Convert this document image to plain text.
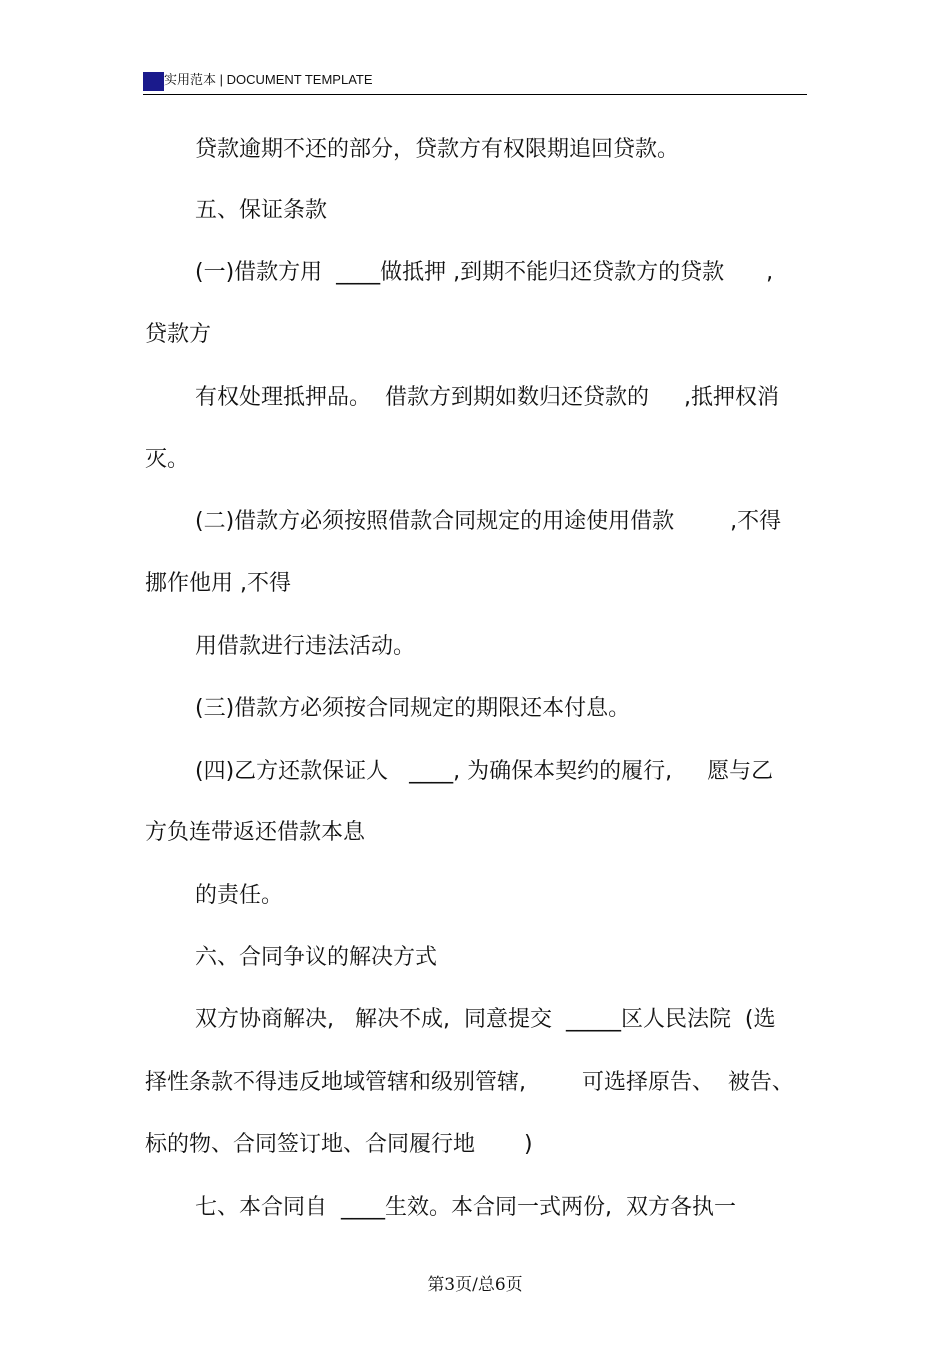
实用范本 | DOCUMENT TEMPLATE
贷款逾期不还的部分，贷款方有权限期追回贷款。
五、保证条款
(一)借款方用  ____做抵押 ,到期不能归还贷款方的贷款      ,
贷款方
有权处理抵押品。  借款方到期如数归还贷款的     ,抵押权消
灭。
(二)借款方必须按照借款合同规定的用途使用借款        ,不得
挪作他用 ,不得
用借款进行违法活动。
(三)借款方必须按合同规定的期限还本付息。
(四)乙方还款保证人   ____, 为确保本契约的履行,     愿与乙
方负连带返还借款本息
的责任。
六、合同争议的解决方式
双方协商解决,   解决不成,  同意提交  _____区人民法院  (选
择性条款不得违反地域管辖和级别管辖,        可选择原告、  被告、
标的物、合同签订地、合同履行地       )
七、本合同自  ____生效。本合同一式两份,  双方各执一
第3页/总6页
